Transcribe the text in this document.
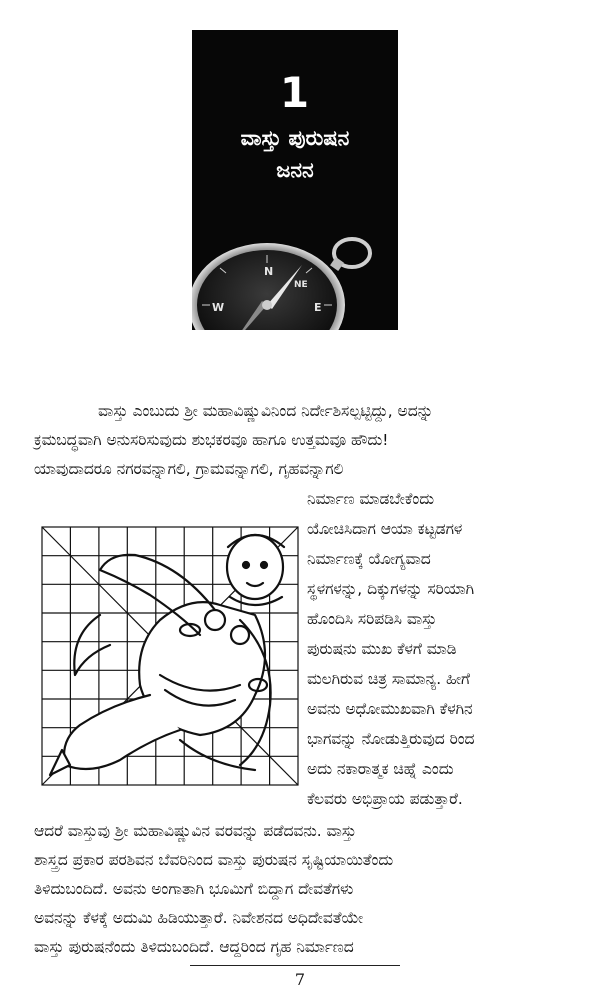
1
ವಾಸ್ತು ಪುರುಷನ
ಜನನ
N
E
S
W
NE
SE
SW
ವಾಸ್ತು ಎಂಬುದು ಶ್ರೀ ಮಹಾವಿಷ್ಣುವಿನಿಂದ ನಿರ್ದೇಶಿಸಲ್ಪಟ್ಟಿದ್ದು, ಅದನ್ನು
ಕ್ರಮಬದ್ಧವಾಗಿ ಅನುಸರಿಸುವುದು ಶುಭಕರವೂ ಹಾಗೂ ಉತ್ತಮವೂ ಹೌದು!
ಯಾವುದಾದರೂ ನಗರವನ್ನಾಗಲಿ, ಗ್ರಾಮವನ್ನಾಗಲಿ, ಗೃಹವನ್ನಾಗಲಿ
ನಿರ್ಮಾಣ ಮಾಡಬೇಕೆಂದು
ಯೋಚಿಸಿದಾಗ ಆಯಾ ಕಟ್ಟಡಗಳ
ನಿರ್ಮಾಣಕ್ಕೆ ಯೋಗ್ಯವಾದ
ಸ್ಥಳಗಳನ್ನು, ದಿಕ್ಕುಗಳನ್ನು ಸರಿಯಾಗಿ
ಹೊಂದಿಸಿ ಸರಿಪಡಿಸಿ ವಾಸ್ತು
ಪುರುಷನು ಮುಖ ಕೆಳಗೆ ಮಾಡಿ
ಮಲಗಿರುವ ಚಿತ್ರ ಸಾಮಾನ್ಯ. ಹೀಗೆ
ಅವನು ಅಧೋಮುಖವಾಗಿ ಕೆಳಗಿನ
ಭಾಗವನ್ನು ನೋಡುತ್ತಿರುವುದ ರಿಂದ
ಅದು ನಕಾರಾತ್ಮಕ ಚಿಹ್ನೆ ಎಂದು
ಕೆಲವರು ಅಭಿಪ್ರಾಯ ಪಡುತ್ತಾರೆ.
ಆದರೆ ವಾಸ್ತುವು ಶ್ರೀ ಮಹಾವಿಷ್ಣುವಿನ ವರವನ್ನು ಪಡೆದವನು. ವಾಸ್ತು
ಶಾಸ್ತ್ರದ ಪ್ರಕಾರ ಪರಶಿವನ ಬೆವರಿನಿಂದ ವಾಸ್ತು ಪುರುಷನ ಸೃಷ್ಟಿಯಾಯಿತೆಂದು
ತಿಳಿದುಬಂದಿದೆ. ಅವನು ಅಂಗಾತಾಗಿ ಭೂಮಿಗೆ ಬಿದ್ದಾಗ ದೇವತೆಗಳು
ಅವನನ್ನು ಕೆಳಕ್ಕೆ ಅದುಮಿ ಹಿಡಿಯುತ್ತಾರೆ. ನಿವೇಶನದ ಅಧಿದೇವತೆಯೇ
ವಾಸ್ತು ಪುರುಷನೆಂದು ತಿಳಿದುಬಂದಿದೆ. ಆದ್ದರಿಂದ ಗೃಹ ನಿರ್ಮಾಣದ
7
